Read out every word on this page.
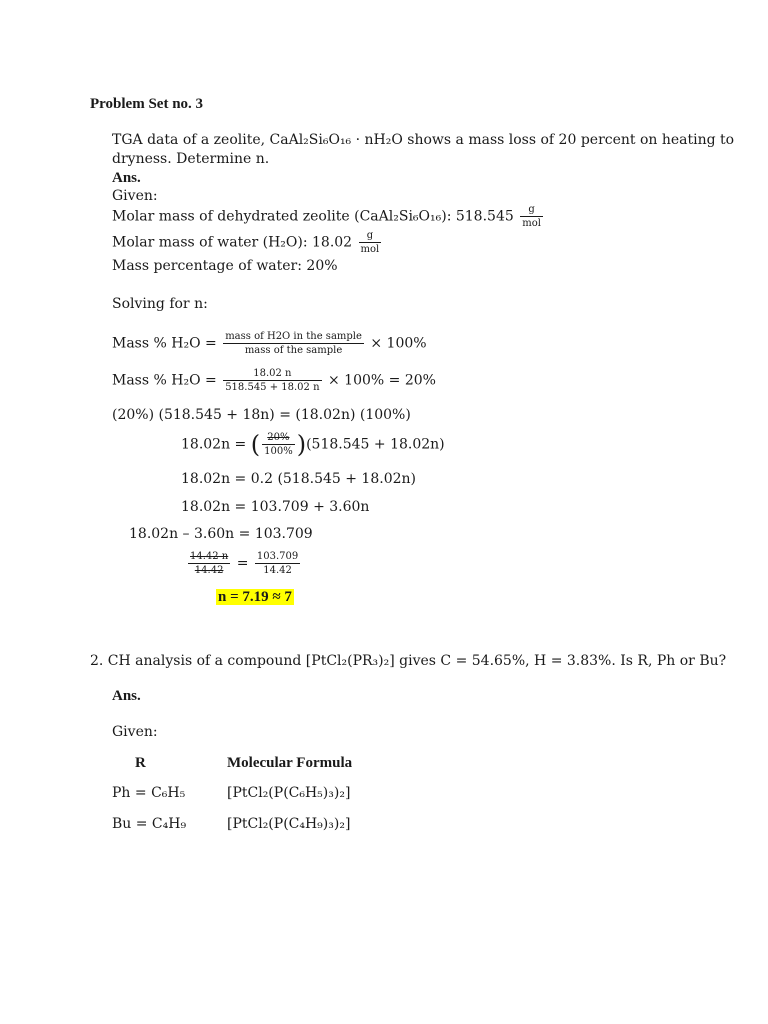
Problem Set no. 3
TGA data of a zeolite, CaAl₂Si₆O₁₆ · nH₂O shows a mass loss of 20 percent on heating to
dryness. Determine n.
Ans.
Given:
Molar mass of dehydrated zeolite (CaAl₂Si₆O₁₆): $518.545 \frac{g}{\text{mol}}$
Molar mass of water (H₂O): $18.02 \frac{g}{\text{mol}}$
Mass percentage of water: 20%
Solving for n:
Mass % $H_2O = \frac{\text{mass of H2O in the sample}}{\text{mass of the sample}} \times 100\%$
Mass % $H_2O = \frac{18.02 n}{518.545 + 18.02 n} \times 100\% = 20\%$
(20%) (518.545 + 18n) = (18.02n) (100%)
18.02n = ( $\frac{20\%}{100\%} )(518.545 + 18.02n)$
18.02n = 0.2 (518.545 + 18.02n)
18.02n = 103.709 + 3.60n
18.02n – 3.60n = 103.709
$\frac{14.42 n}{14.42} = \frac{103.709}{14.42}$
n = 7.19 ≈ 7
2. CH analysis of a compound [PtCl₂(PR₃)₂] gives C = 54.65%, H = 3.83%. Is R, Ph or Bu?
Ans.
Given:
R	Molecular Formula
Ph = C₆H₅	[PtCl₂(P(C₆H₅)₃)₂]
Bu = C₄H₉	[PtCl₂(P(C₄H₉)₃)₂]
